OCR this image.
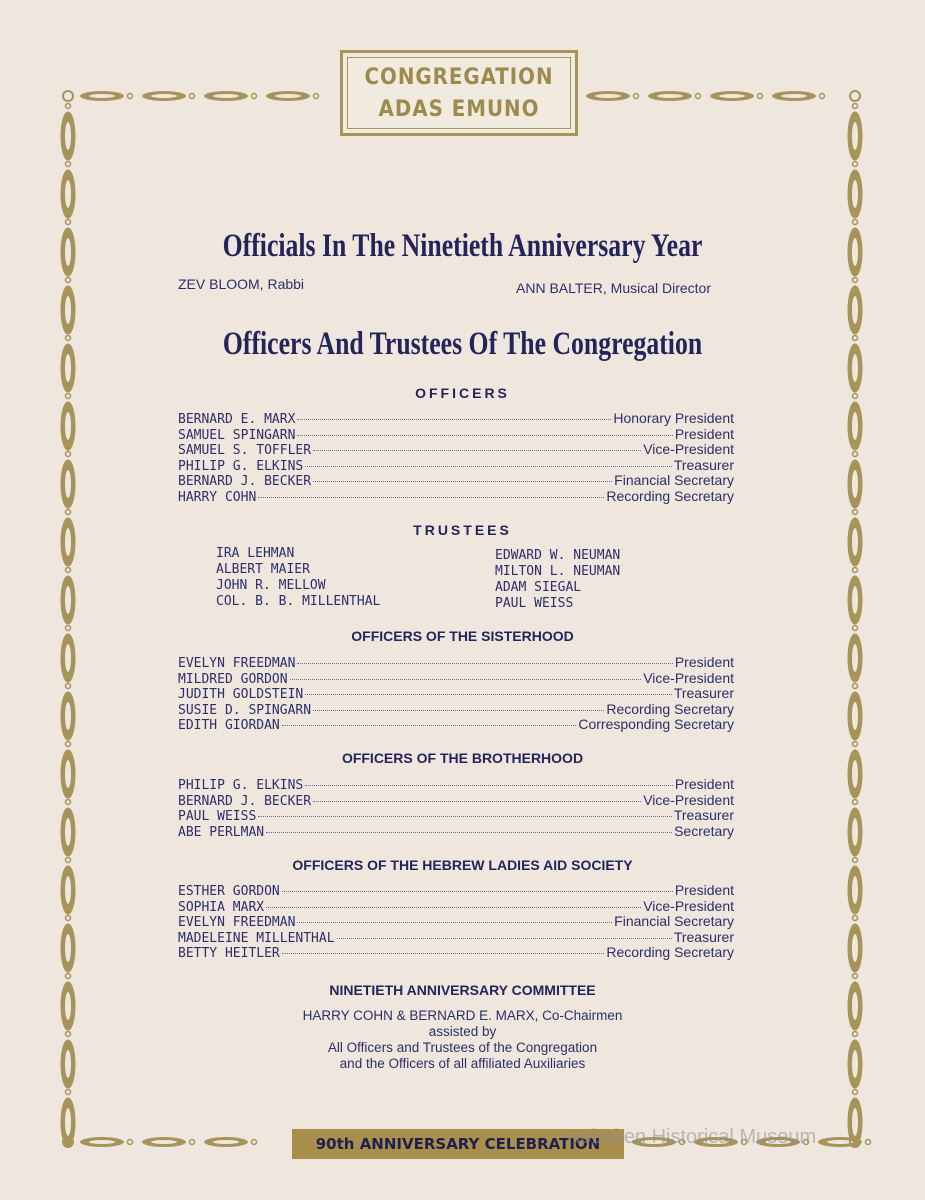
CONGREGATION
ADAS EMUNO
Officials In The Ninetieth Anniversary Year
ZEV BLOOM, Rabbi	ANN BALTER, Musical Director
Officers And Trustees Of The Congregation
OFFICERS
BERNARD E. MARX	Honorary President
SAMUEL SPINGARN	President
SAMUEL S. TOFFLER	Vice-President
PHILIP G. ELKINS	Treasurer
BERNARD J. BECKER	Financial Secretary
HARRY COHN	Recording Secretary
TRUSTEES
IRA LEHMAN
ALBERT MAIER
JOHN R. MELLOW
COL. B. B. MILLENTHAL
EDWARD W. NEUMAN
MILTON L. NEUMAN
ADAM SIEGAL
PAUL WEISS
OFFICERS OF THE SISTERHOOD
EVELYN FREEDMAN	President
MILDRED GORDON	Vice-President
JUDITH GOLDSTEIN	Treasurer
SUSIE D. SPINGARN	Recording Secretary
EDITH GIORDAN	Corresponding Secretary
OFFICERS OF THE BROTHERHOOD
PHILIP G. ELKINS	President
BERNARD J. BECKER	Vice-President
PAUL WEISS	Treasurer
ABE PERLMAN	Secretary
OFFICERS OF THE HEBREW LADIES AID SOCIETY
ESTHER GORDON	President
SOPHIA MARX	Vice-President
EVELYN FREEDMAN	Financial Secretary
MADELEINE MILLENTHAL	Treasurer
BETTY HEITLER	Recording Secretary
NINETIETH ANNIVERSARY COMMITTEE
HARRY COHN & BERNARD E. MARX, Co-Chairmen
assisted by
All Officers and Trustees of the Congregation
and the Officers of all affiliated Auxiliaries
90th ANNIVERSARY CELEBRATION
Hoboken Historical Museum
